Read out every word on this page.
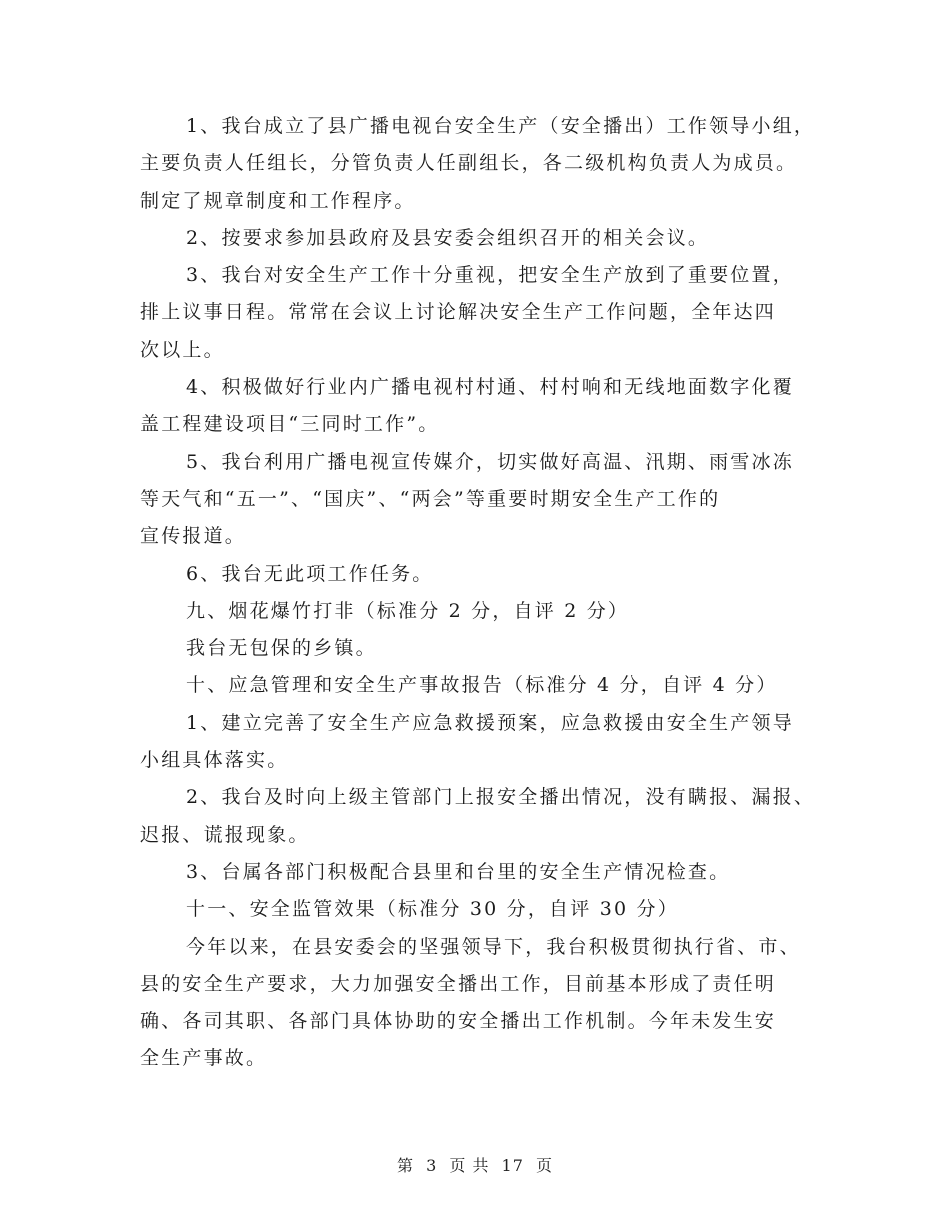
1、我台成立了县广播电视台安全生产（安全播出）工作领导小组，
主要负责人任组长，分管负责人任副组长，各二级机构负责人为成员。
制定了规章制度和工作程序。
2、按要求参加县政府及县安委会组织召开的相关会议。
3、我台对安全生产工作十分重视，把安全生产放到了重要位置，
排上议事日程。常常在会议上讨论解决安全生产工作问题，全年达四
次以上。
4、积极做好行业内广播电视村村通、村村响和无线地面数字化覆
盖工程建设项目“三同时工作”。
5、我台利用广播电视宣传媒介，切实做好高温、汛期、雨雪冰冻
等天气和“五一”、“国庆”、“两会”等重要时期安全生产工作的
宣传报道。
6、我台无此项工作任务。
九、烟花爆竹打非（标准分 2 分，自评 2 分）
我台无包保的乡镇。
十、应急管理和安全生产事故报告（标准分 4 分，自评 4 分）
1、建立完善了安全生产应急救援预案，应急救援由安全生产领导
小组具体落实。
2、我台及时向上级主管部门上报安全播出情况，没有瞒报、漏报、
迟报、谎报现象。
3、台属各部门积极配合县里和台里的安全生产情况检查。
十一、安全监管效果（标准分 30 分，自评 30 分）
今年以来，在县安委会的坚强领导下，我台积极贯彻执行省、市、
县的安全生产要求，大力加强安全播出工作，目前基本形成了责任明
确、各司其职、各部门具体协助的安全播出工作机制。今年未发生安
全生产事故。
第 3 页 共 17 页
